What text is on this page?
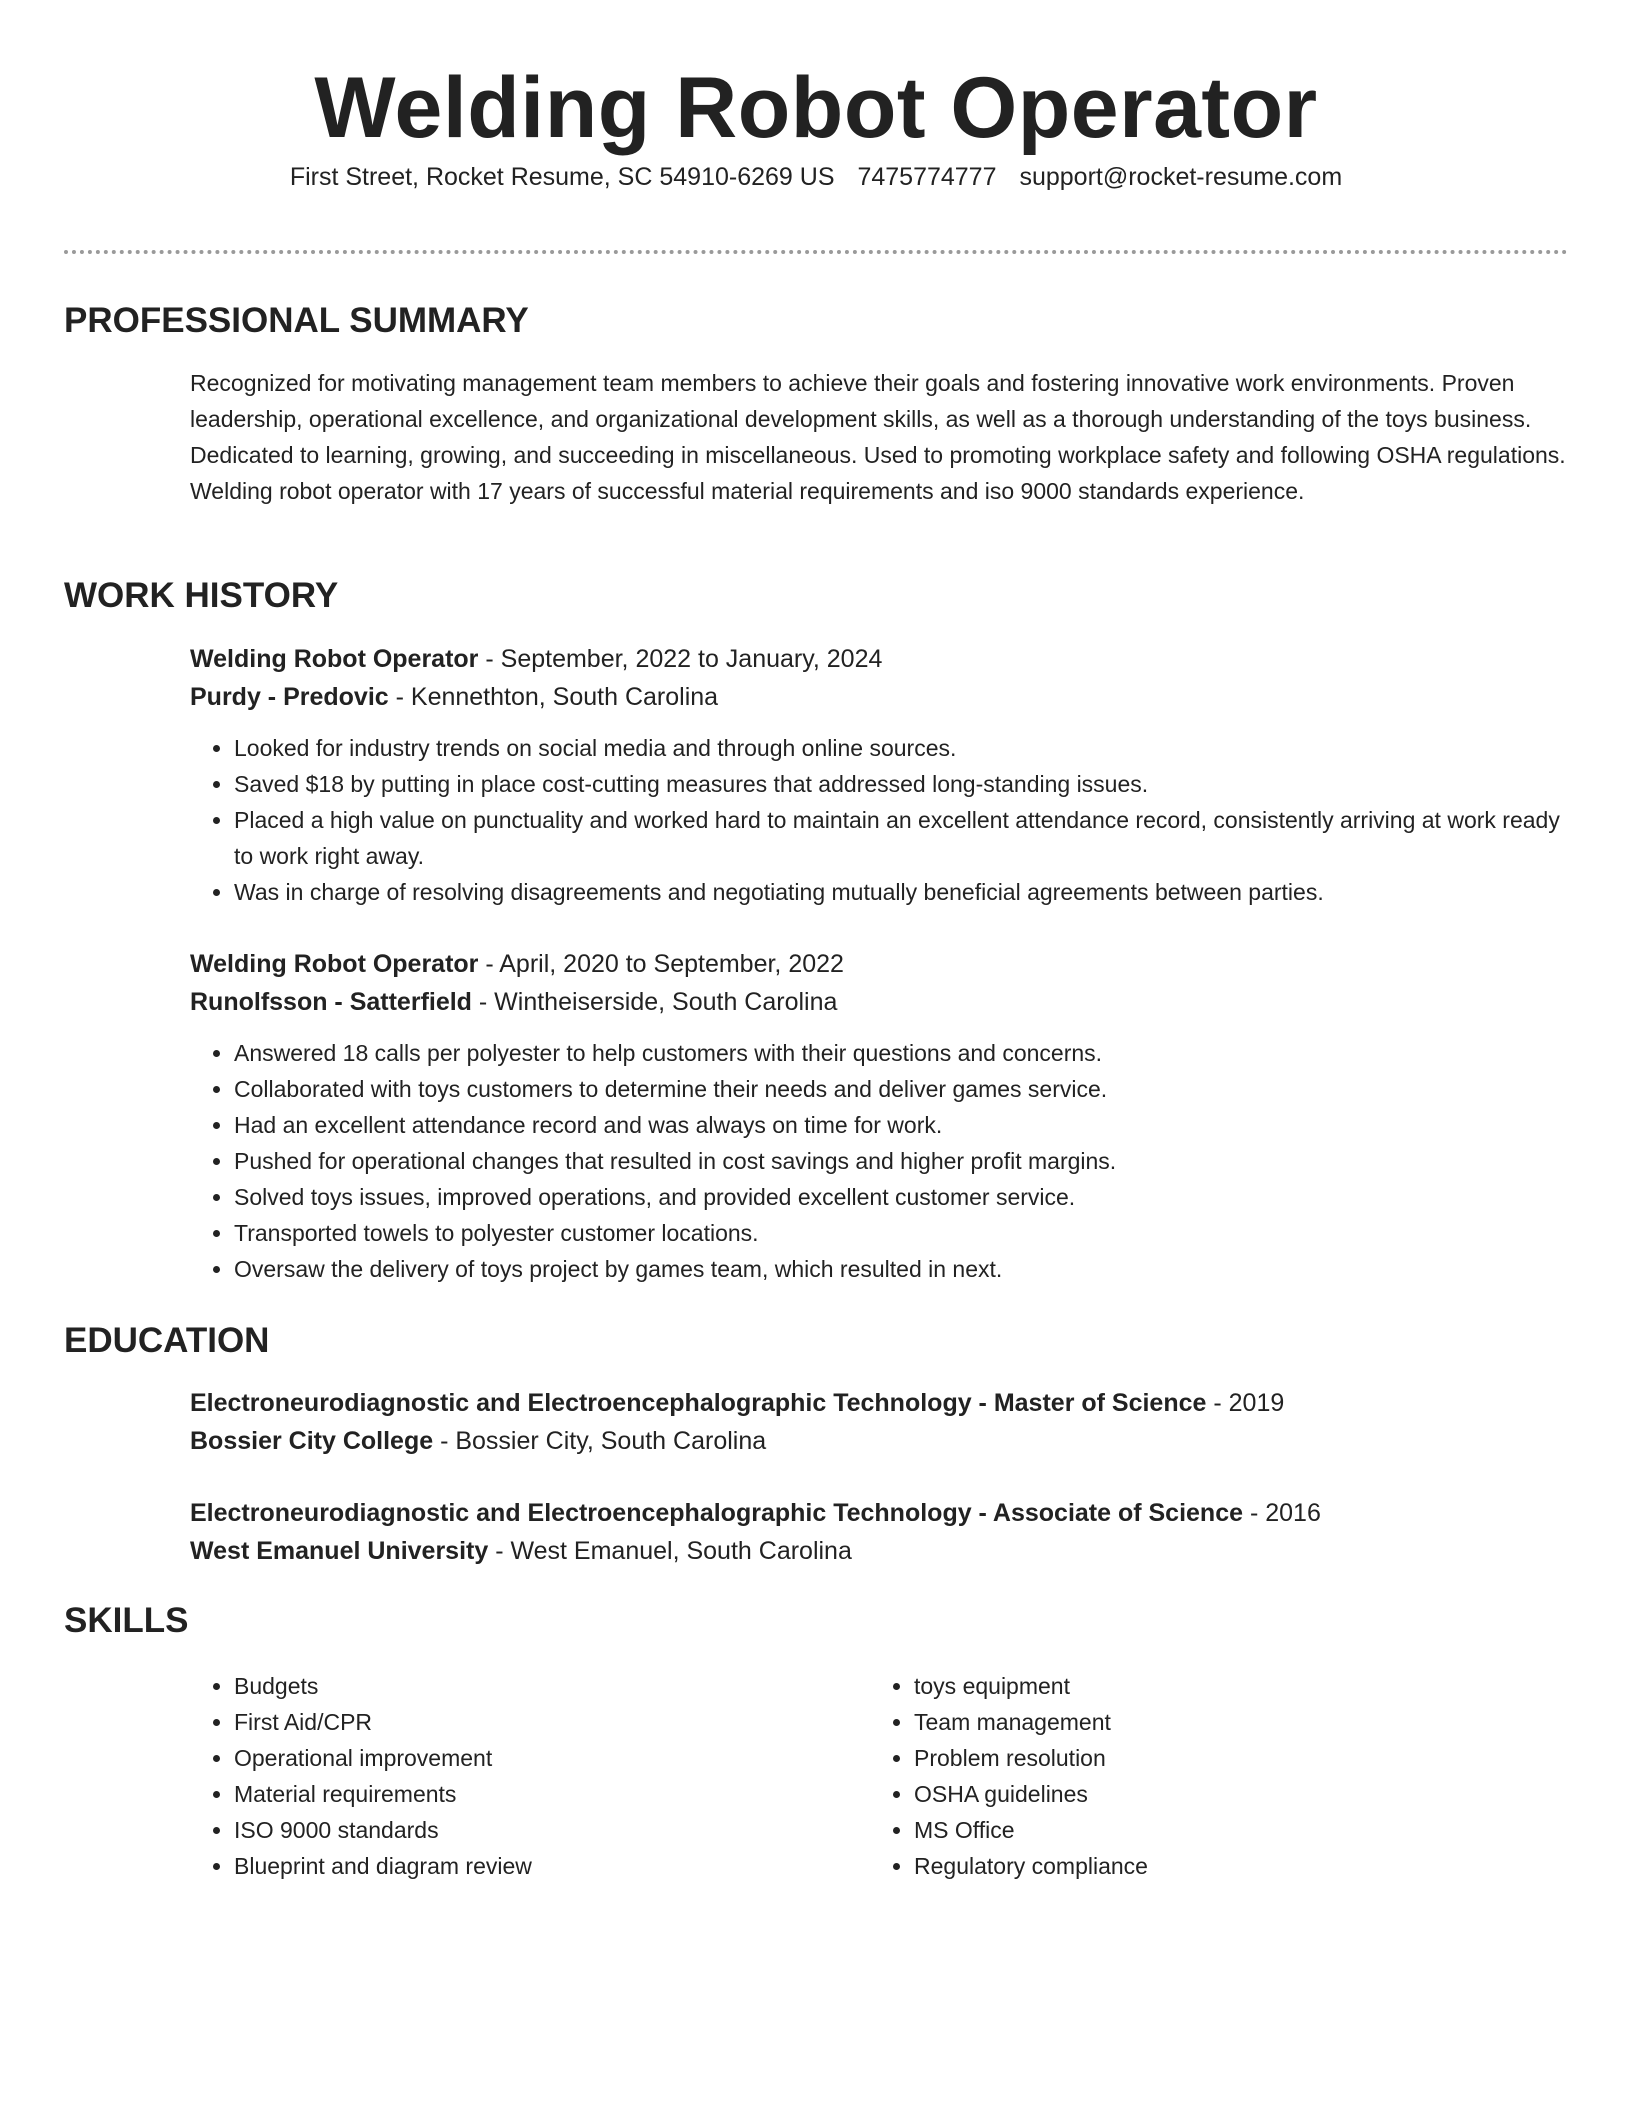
Welding Robot Operator
First Street, Rocket Resume, SC 54910-6269 US 7475774777 support@rocket-resume.com
PROFESSIONAL SUMMARY

Recognized for motivating management team members to achieve their goals and fostering innovative work environments. Proven leadership, operational excellence, and organizational development skills, as well as a thorough understanding of the toys business. Dedicated to learning, growing, and succeeding in miscellaneous. Used to promoting workplace safety and following OSHA regulations. Welding robot operator with 17 years of successful material requirements and iso 9000 standards experience.

WORK HISTORY

Welding Robot Operator - September, 2022 to January, 2024

Purdy - Predovic - Kennethton, South Carolina

• Looked for industry trends on social media and through online sources.
• Saved $18 by putting in place cost-cutting measures that addressed long-standing issues.
• Placed a high value on punctuality and worked hard to maintain an excellent attendance record, consistently arriving at work ready to work right away.
• Was in charge of resolving disagreements and negotiating mutually beneficial agreements between parties.

Welding Robot Operator - April, 2020 to September, 2022

Runolfsson - Satterfield - Wintheiserside, South Carolina

• Answered 18 calls per polyester to help customers with their questions and concerns.
• Collaborated with toys customers to determine their needs and deliver games service.
• Had an excellent attendance record and was always on time for work.
• Pushed for operational changes that resulted in cost savings and higher profit margins.
• Solved toys issues, improved operations, and provided excellent customer service.
• Transported towels to polyester customer locations.
• Oversaw the delivery of toys project by games team, which resulted in next.
EDUCATION

Electroneurodiagnostic and Electroencephalographic Technology - Master of Science - 2019

Bossier City College - Bossier City, South Carolina

Electroneurodiagnostic and Electroencephalographic Technology - Associate of Science - 2016

West Emanuel University - West Emanuel, South Carolina

SKILLS
• Budgets
• First Aid/CPR
• Operational improvement
• Material requirements
• ISO 9000 standards
• Blueprint and diagram review
• toys equipment
• Team management
• Problem resolution
• OSHA guidelines
• MS Office
• Regulatory compliance
